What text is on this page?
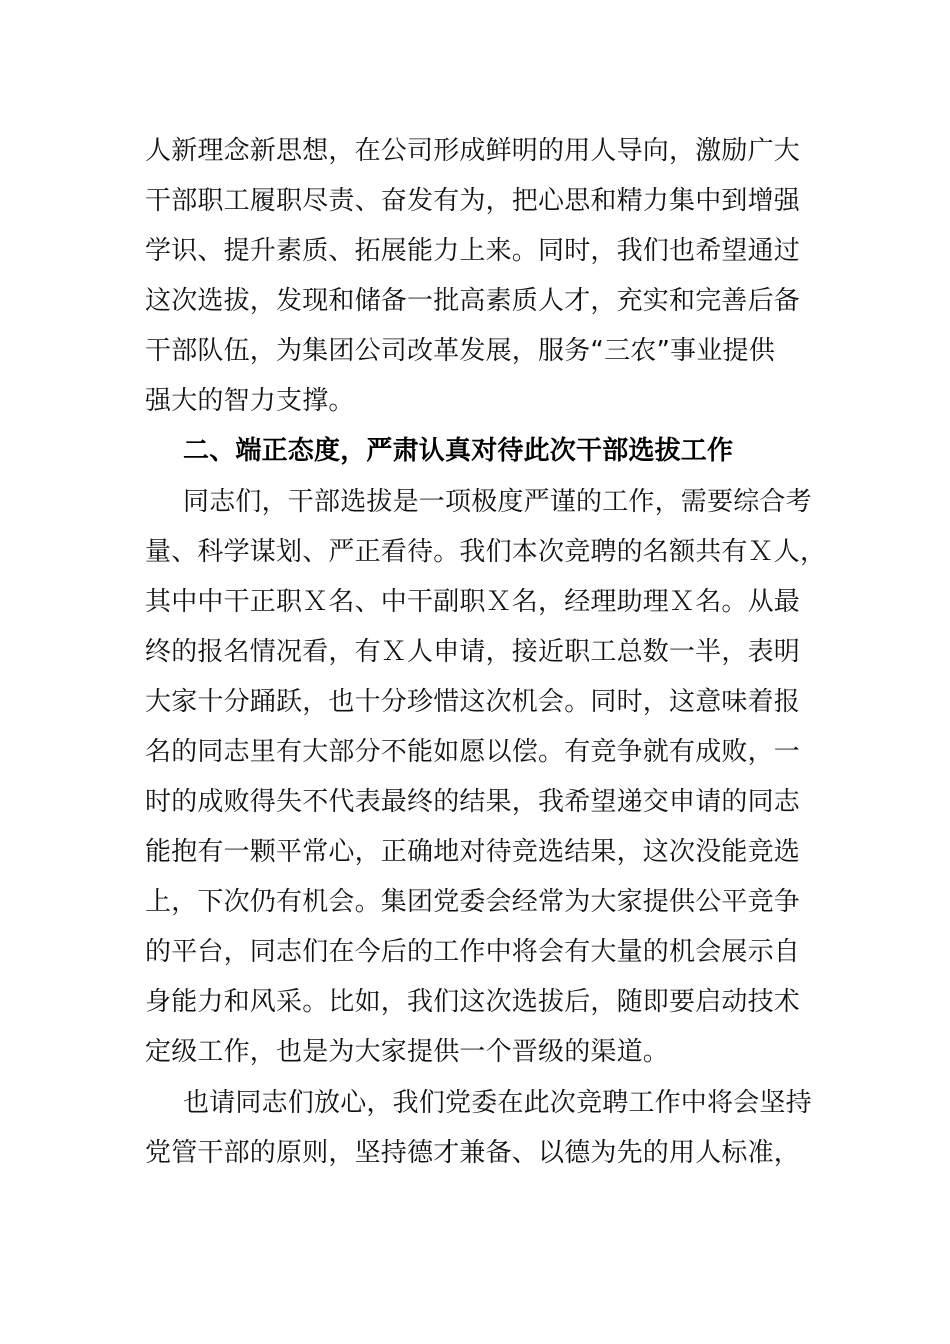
人新理念新思想，在公司形成鲜明的用人导向，激励广大
干部职工履职尽责、奋发有为，把心思和精力集中到增强
学识、提升素质、拓展能力上来。同时，我们也希望通过
这次选拔，发现和储备一批高素质人才，充实和完善后备
干部队伍，为集团公司改革发展，服务“三农”事业提供
强大的智力支撑。
二、端正态度，严肃认真对待此次干部选拔工作
同志们，干部选拔是一项极度严谨的工作，需要综合考
量、科学谋划、严正看待。我们本次竞聘的名额共有Ｘ人，
其中中干正职Ｘ名、中干副职Ｘ名，经理助理Ｘ名。从最
终的报名情况看，有Ｘ人申请，接近职工总数一半，表明
大家十分踊跃，也十分珍惜这次机会。同时，这意味着报
名的同志里有大部分不能如愿以偿。有竞争就有成败，一
时的成败得失不代表最终的结果，我希望递交申请的同志
能抱有一颗平常心，正确地对待竞选结果，这次没能竞选
上，下次仍有机会。集团党委会经常为大家提供公平竞争
的平台，同志们在今后的工作中将会有大量的机会展示自
身能力和风采。比如，我们这次选拔后，随即要启动技术
定级工作，也是为大家提供一个晋级的渠道。
也请同志们放心，我们党委在此次竞聘工作中将会坚持
党管干部的原则，坚持德才兼备、以德为先的用人标准，
